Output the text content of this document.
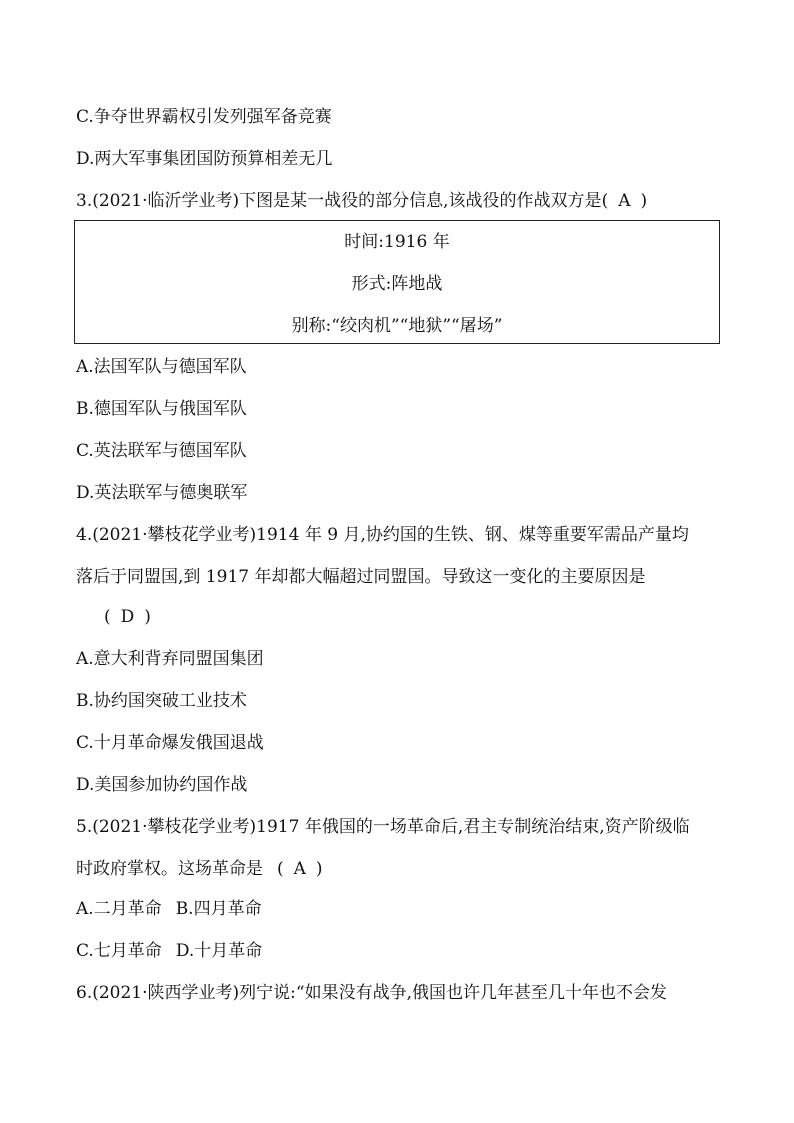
C.争夺世界霸权引发列强军备竞赛
D.两大军事集团国防预算相差无几
3.(2021·临沂学业考)下图是某一战役的部分信息,该战役的作战双方是( A )
时间:1916 年
形式:阵地战
别称:“绞肉机”“地狱”“屠场”
A.法国军队与德国军队
B.德国军队与俄国军队
C.英法联军与德国军队
D.英法联军与德奥联军
4.(2021·攀枝花学业考)1914 年 9 月,协约国的生铁、钢、煤等重要军需品产量均
落后于同盟国,到 1917 年却都大幅超过同盟国。导致这一变化的主要原因是
( D )
A.意大利背弃同盟国集团
B.协约国突破工业技术
C.十月革命爆发俄国退战
D.美国参加协约国作战
5.(2021·攀枝花学业考)1917 年俄国的一场革命后,君主专制统治结束,资产阶级临
时政府掌权。这场革命是 ( A )
A.二月革命 B.四月革命
C.七月革命 D.十月革命
6.(2021·陕西学业考)列宁说:“如果没有战争,俄国也许几年甚至几十年也不会发
